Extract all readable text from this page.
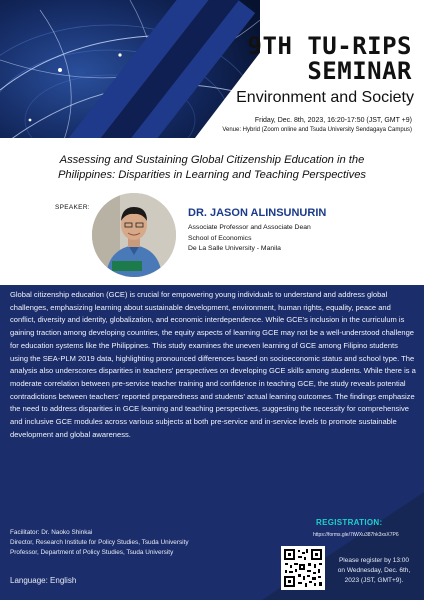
9TH TU-RIPS
SEMINAR
Environment and Society
Friday, Dec. 8th, 2023, 16:20-17:50 (JST, GMT +9)
Venue: Hybrid (Zoom online and Tsuda University Sendagaya Campus)
Assessing and Sustaining Global Citizenship Education in the
Philippines: Disparities in Learning and Teaching Perspectives
SPEAKER:	DR. JASON ALINSUNURIN
Associate Professor and Associate Dean
School of Economics
De La Salle University - Manila
Global citizenship education (GCE) is crucial for empowering young individuals to understand and address global challenges, emphasizing learning about sustainable development, environment, human rights, equality, peace and conflict, diversity and identity, globalization, and economic interdependence. While GCE's inclusion in the curriculum is gaining traction among developing countries, the equity aspects of learning GCE may not be a well-understood challenge for education systems like the Philippines. This study examines the uneven learning of GCE among Filipino students using the SEA-PLM 2019 data, highlighting pronounced differences based on socioeconomic status and school type. The analysis also underscores disparities in teachers' perspectives on developing GCE skills among students. While there is a moderate correlation between pre-service teacher training and confidence in teaching GCE, the study reveals potential contradictions between teachers' reported preparedness and students' actual learning outcomes. The findings emphasize the need to address disparities in GCE learning and teaching perspectives, suggesting the necessity for comprehensive and inclusive GCE modules across various subjects at both pre-service and in-service levels to promote sustainable development and global awareness.
Facilitator: Dr. Naoko Shinkai
Director, Research Institute for Policy Studies, Tsuda University
Professor, Department of Policy Studies, Tsuda University
Language: English
REGISTRATION:
https://forms.gle/7tWXu387hk3xsX7P6
Please register by 13:00
on Wednesday, Dec. 6th,
2023 (JST, GMT+9).
